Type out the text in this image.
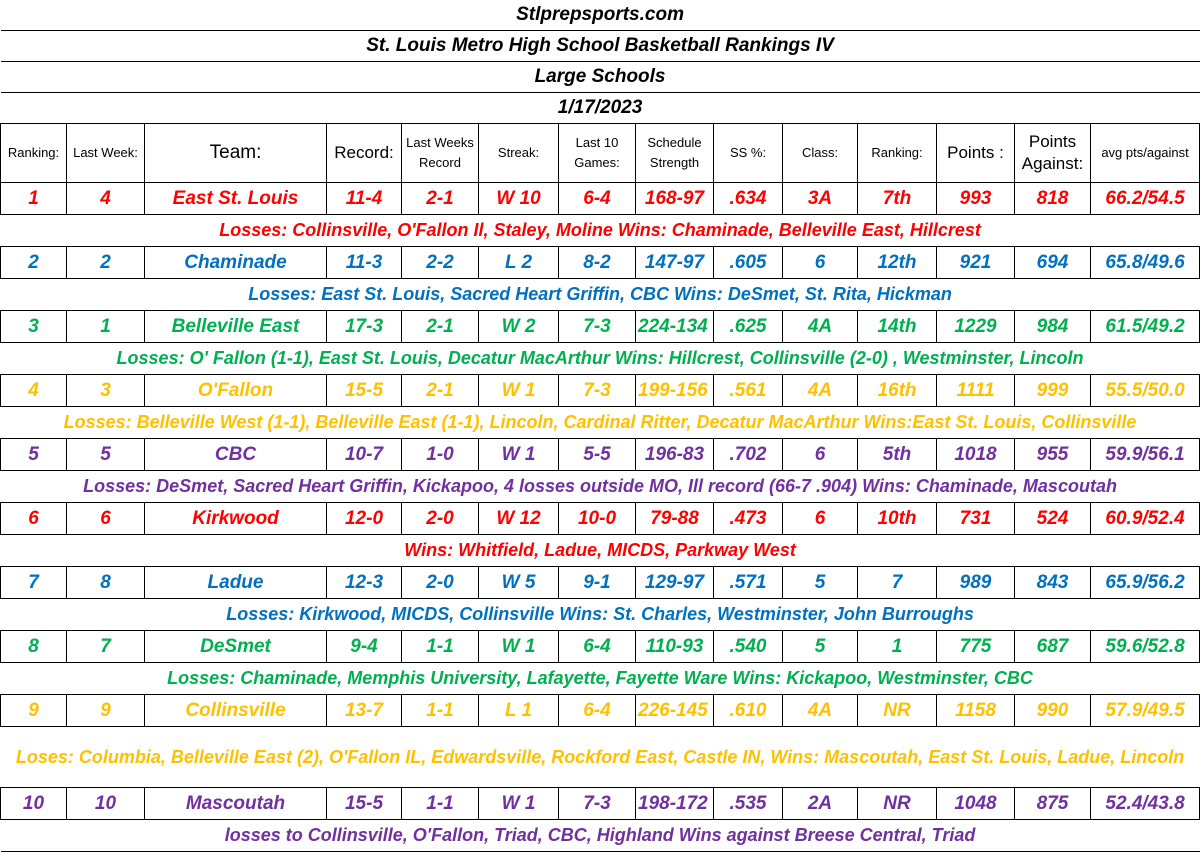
Stlprepsports.com													
St. Louis Metro High School Basketball Rankings IV													
Large Schools													
1/17/2023													
Ranking:	Last Week:	Team:	Record:	Last Weeks Record	Streak:	Last 10 Games:	Schedule Strength	SS %:	Class:	Ranking:	Points :	Points Against:	avg pts/against
1	4	East St. Louis	11-4	2-1	W 10	6-4	168-97	.634	3A	7th	993	818	66.2/54.5
Losses: Collinsville, O'Fallon Il, Staley, Moline Wins: Chaminade, Belleville East, Hillcrest													
2	2	Chaminade	11-3	2-2	L 2	8-2	147-97	.605	6	12th	921	694	65.8/49.6
Losses: East St. Louis, Sacred Heart Griffin, CBC Wins: DeSmet, St. Rita, Hickman													
3	1	Belleville East	17-3	2-1	W 2	7-3	224-134	.625	4A	14th	1229	984	61.5/49.2
Losses: O' Fallon (1-1), East St. Louis, Decatur MacArthur Wins: Hillcrest, Collinsville (2-0) , Westminster, Lincoln													
4	3	O'Fallon	15-5	2-1	W 1	7-3	199-156	.561	4A	16th	1111	999	55.5/50.0
Losses: Belleville West (1-1), Belleville East (1-1), Lincoln, Cardinal Ritter, Decatur MacArthur Wins:East St. Louis, Collinsville													
5	5	CBC	10-7	1-0	W 1	5-5	196-83	.702	6	5th	1018	955	59.9/56.1
Losses: DeSmet, Sacred Heart Griffin, Kickapoo, 4 losses outside MO, Ill record (66-7 .904) Wins: Chaminade, Mascoutah													
6	6	Kirkwood	12-0	2-0	W 12	10-0	79-88	.473	6	10th	731	524	60.9/52.4
Wins: Whitfield, Ladue, MICDS, Parkway West													
7	8	Ladue	12-3	2-0	W 5	9-1	129-97	.571	5	7	989	843	65.9/56.2
Losses: Kirkwood, MICDS, Collinsville Wins: St. Charles, Westminster, John Burroughs													
8	7	DeSmet	9-4	1-1	W 1	6-4	110-93	.540	5	1	775	687	59.6/52.8
Losses: Chaminade, Memphis University, Lafayette, Fayette Ware Wins: Kickapoo, Westminster, CBC													
9	9	Collinsville	13-7	1-1	L 1	6-4	226-145	.610	4A	NR	1158	990	57.9/49.5
Loses: Columbia, Belleville East (2), O'Fallon IL, Edwardsville, Rockford East, Castle IN, Wins: Mascoutah, East St. Louis, Ladue, Lincoln													
10	10	Mascoutah	15-5	1-1	W 1	7-3	198-172	.535	2A	NR	1048	875	52.4/43.8
losses to Collinsville, O'Fallon, Triad, CBC, Highland Wins against Breese Central, Triad													
